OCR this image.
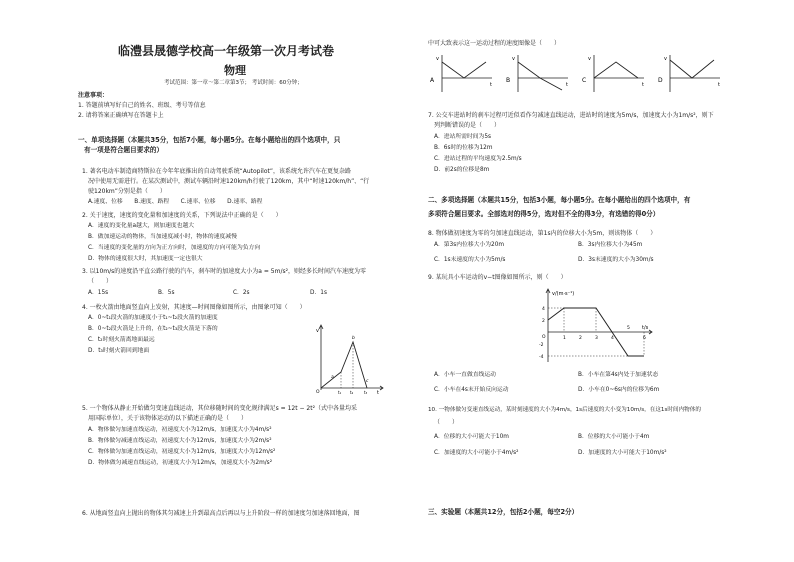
临澧县晟德学校高一年级第一次月考试卷
物理
考试范围：第一章～第二章第3节； 考试时间：60分钟；
注意事项：
1. 答题前填写好自己的姓名、班级、考号等信息
2. 请将答案正确填写在答题卡上
一、单项选择题（本题共35分，包括7小题，每小题5分。在每小题给出的四个选项中，只
有一项是符合题目要求的）
1. 著名电动车制造商特斯拉在今年年底推出的自动驾驶系统“Autopilot”，该系统允许汽车在更复杂路
况中使用无需进行。在某次测试中，测试车辆沿时速120km/h行驶了120km，其中“时速120km/h”、“行
驶120km”分别是指（　　）
A.速度、位移　　B.速度、路程　　C.速率、位移　　D.速率、路程
2. 关于速度，速度的变化量和加速度的关系，下列说法中正确的是（　　）
A．速度的变化量a越大，则加速度也越大
B．做加速运动的物体，当加速度减小时，物体的速度减慢
C．当速度的变化量的方向为正方向时，加速度的方向可能为负方向
D．物体的速度很大时，其加速度一定也很大
3. 以10m/s的速度沿平直公路行驶的汽车，刹车时的加速度大小为a = 5m/s²，则经多长时间汽车速度为零
（　　）
A．15s	B．5s	C．2s	D．1s
4. 一枚火箭由地面竖直向上发射，其速度—时间图像如图所示，由图象可知（　　）
A．0~t₁段火箭的加速度小于t₁~t₂段火箭的加速度
B．0~t₂段火箭是上升的，在t₂~t₃段火箭是下落的
C．t₂时刻火箭离地面最远
D．t₃时刻火箭回到地面
v
t
O
a
b
c
t₁ t₂	t₃
5. 一个物体从静止开始做匀变速直线运动，其位移随时间的变化规律满足s = 12t − 2t²（式中各量均采
用国际单位），关于该物体运动的以下描述正确的是（　　）
A．物体做匀加速直线运动，初速度大小为12m/s，加速度大小为4m/s²
B．物体做匀减速直线运动，初速度大小为12m/s，加速度大小为2m/s²
C．物体做匀加速直线运动，初速度大小为12m/s，加速度大小为12m/s²
D．物体做匀减速直线运动，初速度大小为12m/s，加速度大小为2m/s²
6. 从地面竖直向上抛出的物体其匀减速上升到最高点后再以与上升阶段一样的加速度匀加速落回地面，图
中可大致表示这一运动过程的速度图像是（　　）
A
v
t
B
v
t
C
v
t
D
v
t
7. 公交车进站时的刹车过程可近似看作匀减速直线运动，进站时的速度为5m/s，加速度大小为1m/s²，则下
列判断错误的是（　　）
A．进站所需时间为5s
B．6s时的位移为12m
C．进站过程的平均速度为2.5m/s
D．前2s的位移是8m
二、多项选择题（本题共15分，包括3小题，每小题5分。在每小题给出的四个选项中，有
多项符合题目要求。全部选对的得5分，选对但不全的得3分，有选错的得0分）
8. 物体做初速度为零的匀加速直线运动，第1s内的位移大小为5m，则该物体（　　）
A．第3s内位移大小为20m	B．3s内位移大小为45m
C．1s末速度的大小为5m/s	D．3s末速度的大小为30m/s
9. 某玩具小车运动的v−t图像如图所示，则（　　）
v/(m·s⁻¹)
t/s
O
4
2
-2
-4
1	2	3	4
5
6
A．小车一直做直线运动	B．小车在第4s内处于加速状态
C．小车在4s末开始反向运动	D．小车在0~6s内的位移为6m
10. 一物体做匀变速直线运动，某时刻速度的大小为4m/s，1s后速度的大小变为10m/s，在这1s时间内物体的
（　　）
A．位移的大小可能大于10m	B．位移的大小可能小于4m
C．加速度的大小可能小于4m/s²	D．加速度的大小可能大于10m/s²
三、实验题（本题共12分，包括2小题，每空2分）
